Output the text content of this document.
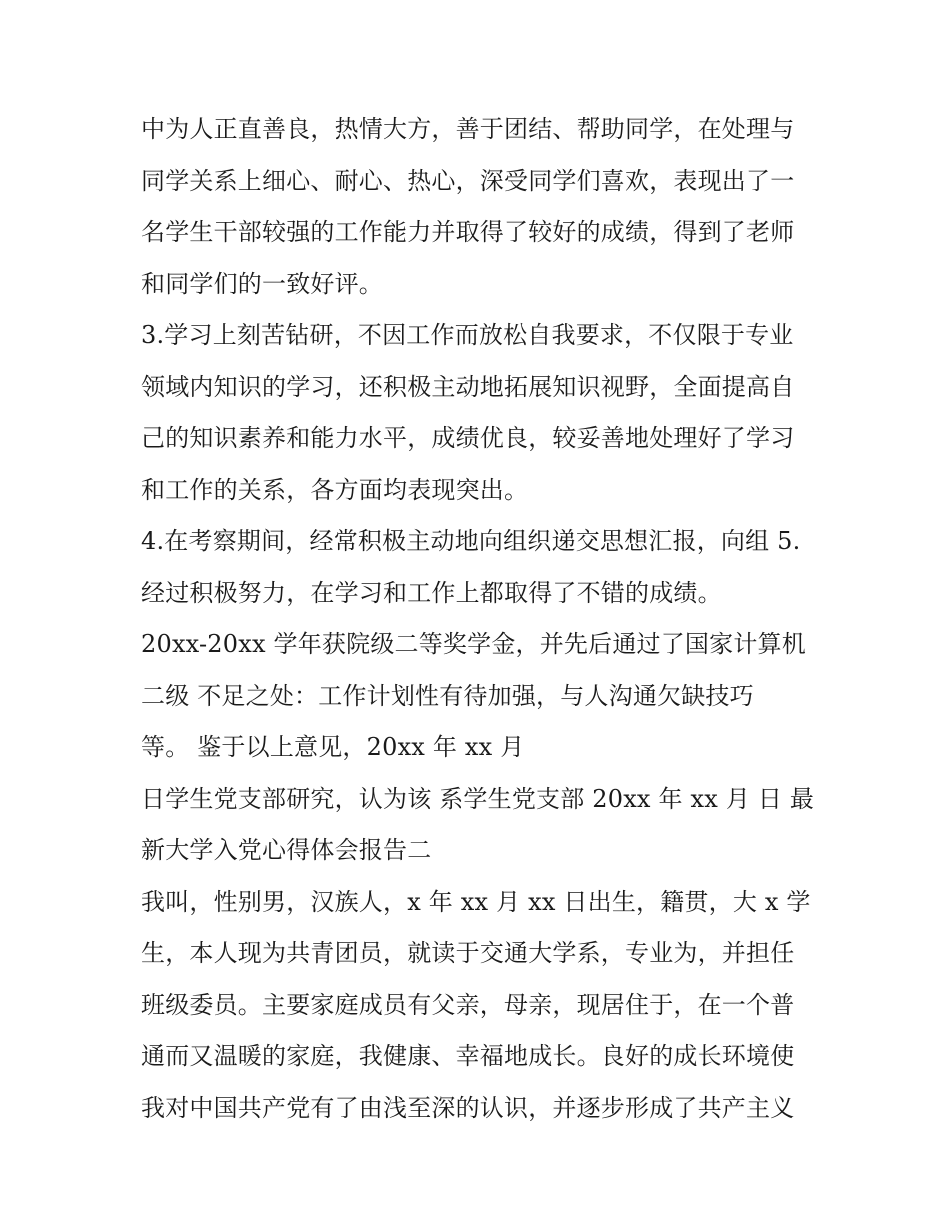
中为人正直善良，热情大方，善于团结、帮助同学，在处理与
同学关系上细心、耐心、热心，深受同学们喜欢，表现出了一
名学生干部较强的工作能力并取得了较好的成绩，得到了老师
和同学们的一致好评。
3.学习上刻苦钻研，不因工作而放松自我要求，不仅限于专业
领域内知识的学习，还积极主动地拓展知识视野，全面提高自
己的知识素养和能力水平，成绩优良，较妥善地处理好了学习
和工作的关系，各方面均表现突出。
4.在考察期间，经常积极主动地向组织递交思想汇报，向组 5.
经过积极努力，在学习和工作上都取得了不错的成绩。
20xx-20xx 学年获院级二等奖学金，并先后通过了国家计算机
二级 不足之处：工作计划性有待加强，与人沟通欠缺技巧
等。 鉴于以上意见，20xx 年 xx 月
日学生党支部研究，认为该 系学生党支部 20xx 年 xx 月 日 最
新大学入党心得体会报告二
我叫，性别男，汉族人，x 年 xx 月 xx 日出生，籍贯，大 x 学
生，本人现为共青团员，就读于交通大学系，专业为，并担任
班级委员。主要家庭成员有父亲，母亲，现居住于，在一个普
通而又温暖的家庭，我健康、幸福地成长。良好的成长环境使
我对中国共产党有了由浅至深的认识，并逐步形成了共产主义
